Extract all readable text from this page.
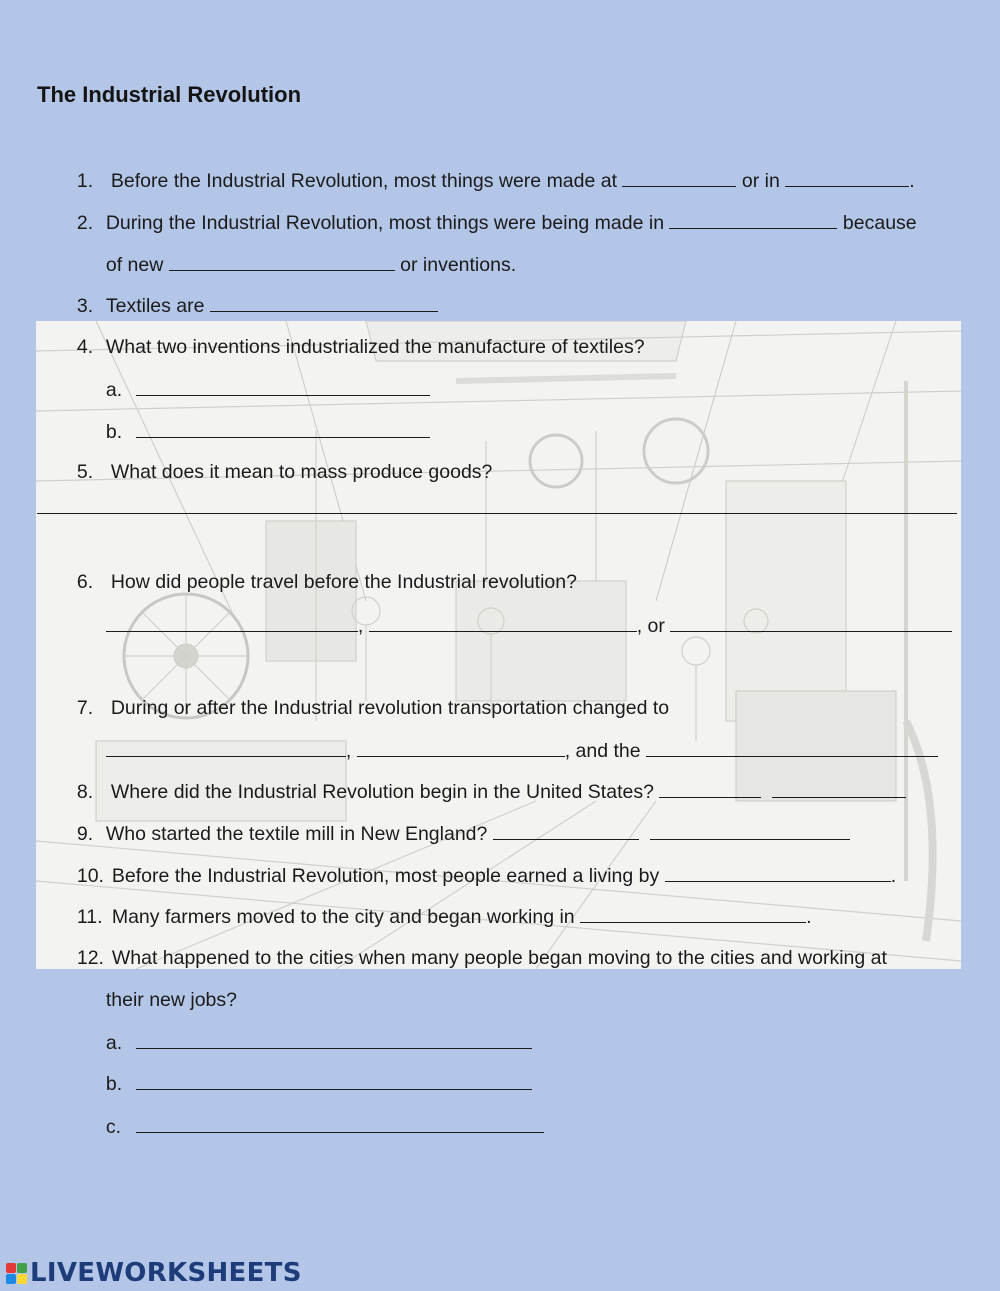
The Industrial Revolution

1. Before the Industrial Revolution, most things were made at	or in	.

2. During the Industrial Revolution, most things were being made in	because

of new	or inventions.

3. Textiles are

4. What two inventions industrialized the manufacture of textiles?

a.

b.

5. What does it mean to mass produce goods?

6. How did people travel before the Industrial revolution?

,	, or

7. During or after the Industrial revolution transportation changed to

,	, and the

8. Where did the Industrial Revolution begin in the United States?

9. Who started the textile mill in New England?

10. Before the Industrial Revolution, most people earned a living by	.

11. Many farmers moved to the city and began working in	.

12. What happened to the cities when many people began moving to the cities and working at

their new jobs?

a.

b.

c.

LIVEWORKSHEETS
